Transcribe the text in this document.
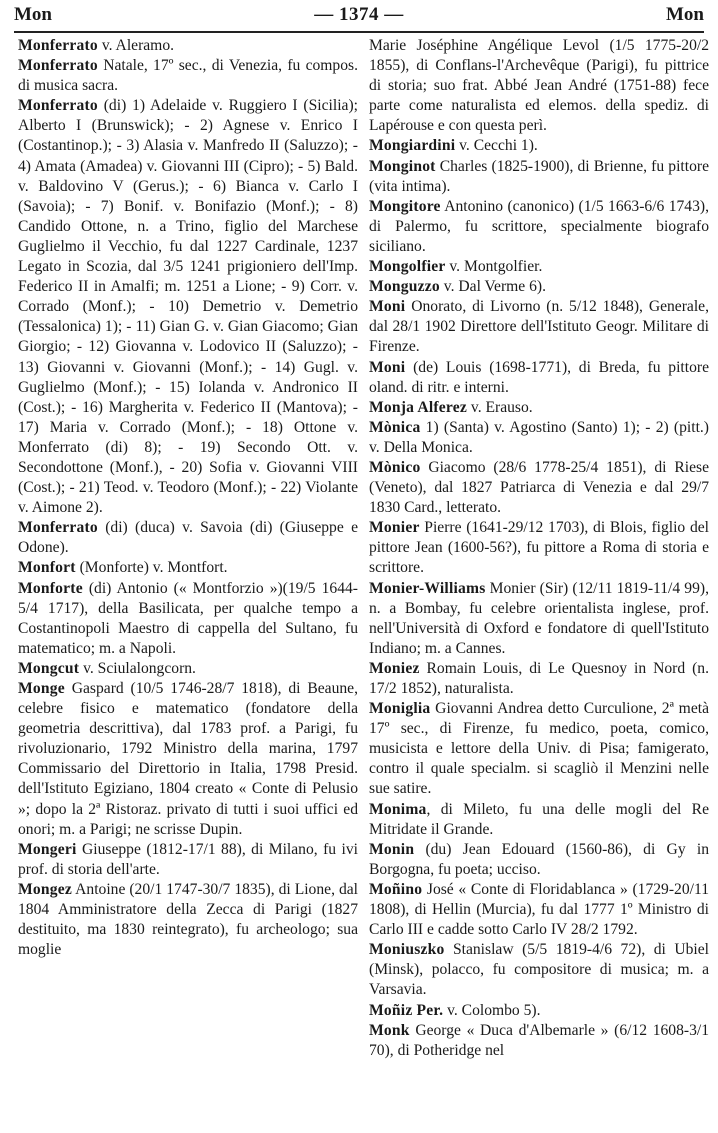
Mon	— 1374 —	Mon

Monferrato v. Aleramo.

Monferrato Natale, 17º sec., di Venezia, fu compos. di musica sacra.

Monferrato (di) 1) Adelaide v. Ruggiero I (Sicilia); Alberto I (Brunswick); - 2) Agnese v. Enrico I (Costantinop.); - 3) Alasia v. Manfredo II (Saluzzo); - 4) Amata (Amadea) v. Giovanni III (Cipro); - 5) Bald. v. Baldovino V (Gerus.); - 6) Bianca v. Carlo I (Savoia); - 7) Bonif. v. Bonifazio (Monf.); - 8) Candido Ottone, n. a Trino, figlio del Marchese Guglielmo il Vecchio, fu dal 1227 Cardinale, 1237 Legato in Scozia, dal 3/5 1241 prigioniero dell'Imp. Federico II in Amalfi; m. 1251 a Lione; - 9) Corr. v. Corrado (Monf.); - 10) Demetrio v. Demetrio (Tessalonica) 1); - 11) Gian G. v. Gian Giacomo; Gian Giorgio; - 12) Giovanna v. Lodovico II (Saluzzo); - 13) Giovanni v. Giovanni (Monf.); - 14) Gugl. v. Guglielmo (Monf.); - 15) Iolanda v. Andronico II (Cost.); - 16) Margherita v. Federico II (Mantova); - 17) Maria v. Corrado (Monf.); - 18) Ottone v. Monferrato (di) 8); - 19) Secondo Ott. v. Secondottone (Monf.), - 20) Sofia v. Giovanni VIII (Cost.); - 21) Teod. v. Teodoro (Monf.); - 22) Violante v. Aimone 2).

Monferrato (di) (duca) v. Savoia (di) (Giuseppe e Odone).

Monfort (Monforte) v. Montfort.

Monforte (di) Antonio (« Montforzio »)(19/5 1644-5/4 1717), della Basilicata, per qualche tempo a Costantinopoli Maestro di cappella del Sultano, fu matematico; m. a Napoli.

Mongcut v. Sciulalongcorn.

Monge Gaspard (10/5 1746-28/7 1818), di Beaune, celebre fisico e matematico (fondatore della geometria descrittiva), dal 1783 prof. a Parigi, fu rivoluzionario, 1792 Ministro della marina, 1797 Commissario del Direttorio in Italia, 1798 Presid. dell'Istituto Egiziano, 1804 creato « Conte di Pelusio »; dopo la 2ª Ristoraz. privato di tutti i suoi uffici ed onori; m. a Parigi; ne scrisse Dupin.

Mongeri Giuseppe (1812-17/1 88), di Milano, fu ivi prof. di storia dell'arte.

Mongez Antoine (20/1 1747-30/7 1835), di Lione, dal 1804 Amministratore della Zecca di Parigi (1827 destituito, ma 1830 reintegrato), fu archeologo; sua moglie

Marie Joséphine Angélique Levol (1/5 1775-20/2 1855), di Conflans-l'Archevêque (Parigi), fu pittrice di storia; suo frat. Abbé Jean André (1751-88) fece parte come naturalista ed elemos. della spediz. di Lapérouse e con questa perì.

Mongiardini v. Cecchi 1).

Monginot Charles (1825-1900), di Brienne, fu pittore (vita intima).

Mongitore Antonino (canonico) (1/5 1663-6/6 1743), di Palermo, fu scrittore, specialmente biografo siciliano.

Mongolfier v. Montgolfier.

Monguzzo v. Dal Verme 6).

Moni Onorato, di Livorno (n. 5/12 1848), Generale, dal 28/1 1902 Direttore dell'Istituto Geogr. Militare di Firenze.

Moni (de) Louis (1698-1771), di Breda, fu pittore oland. di ritr. e interni.

Monja Alferez v. Erauso.

Mònica 1) (Santa) v. Agostino (Santo) 1); - 2) (pitt.) v. Della Monica.

Mònico Giacomo (28/6 1778-25/4 1851), di Riese (Veneto), dal 1827 Patriarca di Venezia e dal 29/7 1830 Card., letterato.

Monier Pierre (1641-29/12 1703), di Blois, figlio del pittore Jean (1600-56?), fu pittore a Roma di storia e scrittore.

Monier-Williams Monier (Sir) (12/11 1819-11/4 99), n. a Bombay, fu celebre orientalista inglese, prof. nell'Università di Oxford e fondatore di quell'Istituto Indiano; m. a Cannes.

Moniez Romain Louis, di Le Quesnoy in Nord (n. 17/2 1852), naturalista.

Moniglia Giovanni Andrea detto Curculione, 2ª metà 17º sec., di Firenze, fu medico, poeta, comico, musicista e lettore della Univ. di Pisa; famigerato, contro il quale specialm. si scagliò il Menzini nelle sue satire.

Monima, di Mileto, fu una delle mogli del Re Mitridate il Grande.

Monin (du) Jean Edouard (1560-86), di Gy in Borgogna, fu poeta; ucciso.

Moñino José « Conte di Floridablanca » (1729-20/11 1808), di Hellin (Murcia), fu dal 1777 1º Ministro di Carlo III e cadde sotto Carlo IV 28/2 1792.

Moniuszko Stanislaw (5/5 1819-4/6 72), di Ubiel (Minsk), polacco, fu compositore di musica; m. a Varsavia.

Moñiz Per. v. Colombo 5).

Monk George « Duca d'Albemarle » (6/12 1608-3/1 70), di Potheridge nel
